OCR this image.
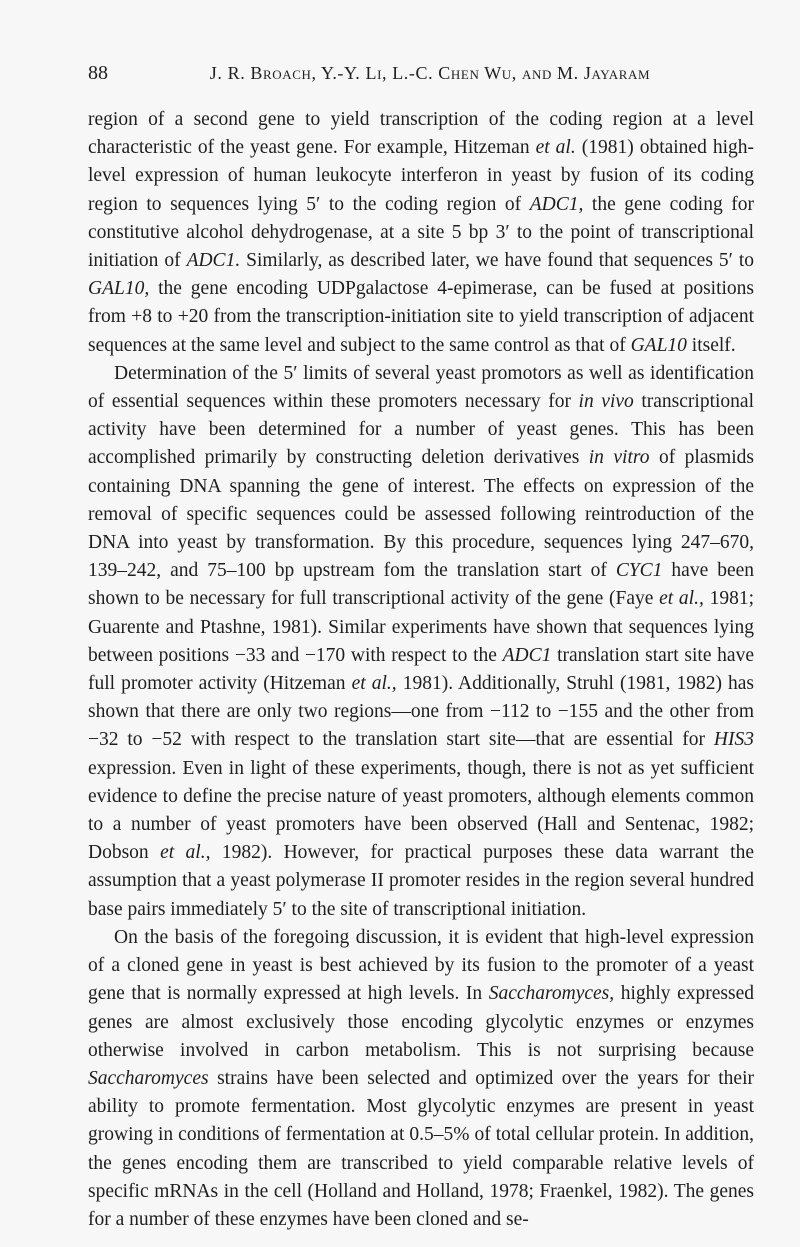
88	J. R. Broach, Y.-Y. Li, L.-C. Chen Wu, and M. Jayaram

region of a second gene to yield transcription of the coding region at a level characteristic of the yeast gene. For example, Hitzeman et al. (1981) obtained high-level expression of human leukocyte interferon in yeast by fusion of its coding region to sequences lying 5′ to the coding region of ADC1, the gene coding for constitutive alcohol dehydrogenase, at a site 5 bp 3′ to the point of transcriptional initiation of ADC1. Similarly, as described later, we have found that sequences 5′ to GAL10, the gene encoding UDPgalactose 4-epimerase, can be fused at positions from +8 to +20 from the transcription-initiation site to yield transcription of adjacent sequences at the same level and subject to the same control as that of GAL10 itself.

Determination of the 5′ limits of several yeast promotors as well as identification of essential sequences within these promoters necessary for in vivo transcriptional activity have been determined for a number of yeast genes. This has been accomplished primarily by constructing deletion derivatives in vitro of plasmids containing DNA spanning the gene of interest. The effects on expression of the removal of specific sequences could be assessed following reintroduction of the DNA into yeast by transformation. By this procedure, sequences lying 247–670, 139–242, and 75–100 bp upstream fom the translation start of CYC1 have been shown to be necessary for full transcriptional activity of the gene (Faye et al., 1981; Guarente and Ptashne, 1981). Similar experiments have shown that sequences lying between positions −33 and −170 with respect to the ADC1 translation start site have full promoter activity (Hitzeman et al., 1981). Additionally, Struhl (1981, 1982) has shown that there are only two regions—one from −112 to −155 and the other from −32 to −52 with respect to the translation start site—that are essential for HIS3 expression. Even in light of these experiments, though, there is not as yet sufficient evidence to define the precise nature of yeast promoters, although elements common to a number of yeast promoters have been observed (Hall and Sentenac, 1982; Dobson et al., 1982). However, for practical purposes these data warrant the assumption that a yeast polymerase II promoter resides in the region several hundred base pairs immediately 5′ to the site of transcriptional initiation.

On the basis of the foregoing discussion, it is evident that high-level expression of a cloned gene in yeast is best achieved by its fusion to the promoter of a yeast gene that is normally expressed at high levels. In Saccharomyces, highly expressed genes are almost exclusively those encoding glycolytic enzymes or enzymes otherwise involved in carbon metabolism. This is not surprising because Saccharomyces strains have been selected and optimized over the years for their ability to promote fermentation. Most glycolytic enzymes are present in yeast growing in conditions of fermentation at 0.5–5% of total cellular protein. In addition, the genes encoding them are transcribed to yield comparable relative levels of specific mRNAs in the cell (Holland and Holland, 1978; Fraenkel, 1982). The genes for a number of these enzymes have been cloned and se-
